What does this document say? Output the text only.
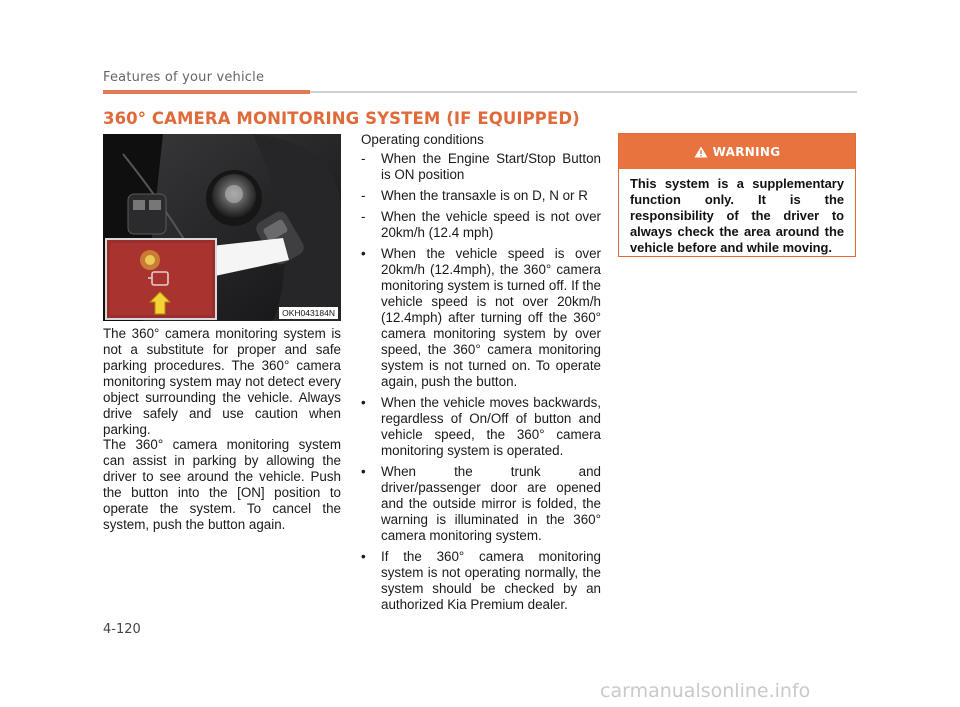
Features of your vehicle
360° CAMERA MONITORING SYSTEM (IF EQUIPPED)
OKH043184N

The 360° camera monitoring system is not a substitute for proper and safe parking procedures. The 360° camera monitoring system may not detect every object surrounding the vehicle. Always drive safely and use caution when parking.

The 360° camera monitoring system can assist in parking by allowing the driver to see around the vehicle. Push the button into the [ON] position to operate the system. To cancel the system, push the button again.

Operating conditions
-	When the Engine Start/Stop Button is ON position
-	When the transaxle is on D, N or R
-	When the vehicle speed is not over 20km/h (12.4 mph)
•	When the vehicle speed is over 20km/h (12.4mph), the 360° camera monitoring system is turned off. If the vehicle speed is not over 20km/h (12.4mph) after turning off the 360° camera monitoring system by over speed, the 360° camera monitoring system is not turned on. To operate again, push the button.
•	When the vehicle moves backwards, regardless of On/Off of button and vehicle speed, the 360° camera monitoring system is operated.
•	When the trunk and driver/passenger door are opened and the outside mirror is folded, the warning is illuminated in the 360° camera monitoring system.
•	If the 360° camera monitoring system is not operating normally, the system should be checked by an authorized Kia Premium dealer.
WARNING
This system is a supplementary function only. It is the responsibility of the driver to always check the area around the vehicle before and while moving.
4-120
carmanualsonline.info
